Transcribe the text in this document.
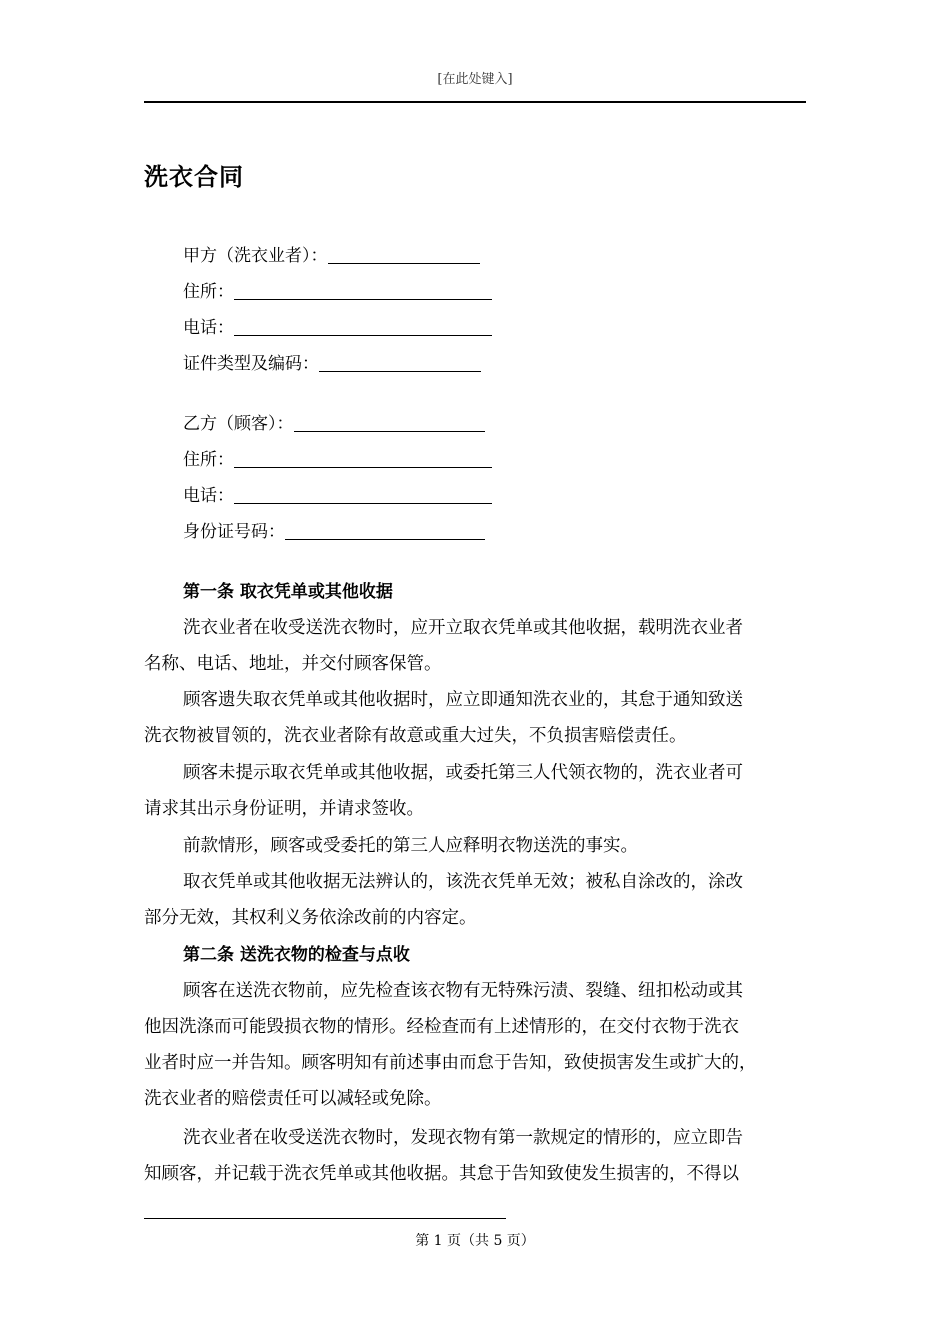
[在此处键入]
洗衣合同
甲方（洗衣业者）：
住所：
电话：
证件类型及编码：
乙方（顾客）：
住所：
电话：
身份证号码：
第一条 取衣凭单或其他收据
洗衣业者在收受送洗衣物时，应开立取衣凭单或其他收据，载明洗衣业者
名称、电话、地址，并交付顾客保管。
顾客遗失取衣凭单或其他收据时，应立即通知洗衣业的，其怠于通知致送
洗衣物被冒领的，洗衣业者除有故意或重大过失，不负损害赔偿责任。
顾客未提示取衣凭单或其他收据，或委托第三人代领衣物的，洗衣业者可
请求其出示身份证明，并请求签收。
前款情形，顾客或受委托的第三人应释明衣物送洗的事实。
取衣凭单或其他收据无法辨认的，该洗衣凭单无效；被私自涂改的，涂改
部分无效，其权利义务依涂改前的内容定。
第二条 送洗衣物的检查与点收
顾客在送洗衣物前，应先检查该衣物有无特殊污渍、裂缝、纽扣松动或其
他因洗涤而可能毁损衣物的情形。经检查而有上述情形的，在交付衣物于洗衣
业者时应一并告知。顾客明知有前述事由而怠于告知，致使损害发生或扩大的，
洗衣业者的赔偿责任可以减轻或免除。
洗衣业者在收受送洗衣物时，发现衣物有第一款规定的情形的，应立即告
知顾客，并记载于洗衣凭单或其他收据。其怠于告知致使发生损害的，不得以
第 1 页（共 5 页）
